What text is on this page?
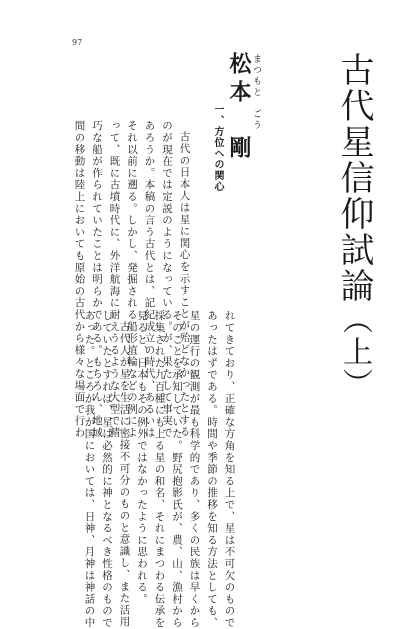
97
古代星信仰試論（上）
まつもと　ごう
松本　剛
一、方位への関心

古代の日本人は星に関心を示すことが殆どなかったとする

のが現在では定説のようになっている。が、果たして事実で

あろうか。本稿の言う古代とは、記紀成立の時代、あるいは

それ以前に遡る。しかし、発掘される船形埴輪などの例によ

って、既に古墳時代に、外洋航海に耐えうるような大型で精

巧な船が作られていたことは明らかである。もちろん、地域

間の移動は陸上においても原始の古代から様々な場面で行わ

れてきており、正確な方角を知る上で、星は不可欠のもので

あったはずである。時間や季節の推移を知る方法としても、

星の運行の観測が最も科学的であり、多くの民族は早くから

そのことを承知していた。野尻抱影氏が、農、山、漁村から

採集された九百種にも上る星の和名、それにまつわる伝承を

見ると、日本もその例外ではなかったように思われる。

古代人が星を生活に密接不可分のものと意識し、また活用

していたとすれば、星は必然的に神となるべき性格のもので

あった。ところが我が国においては、日神、月神は神話の中
